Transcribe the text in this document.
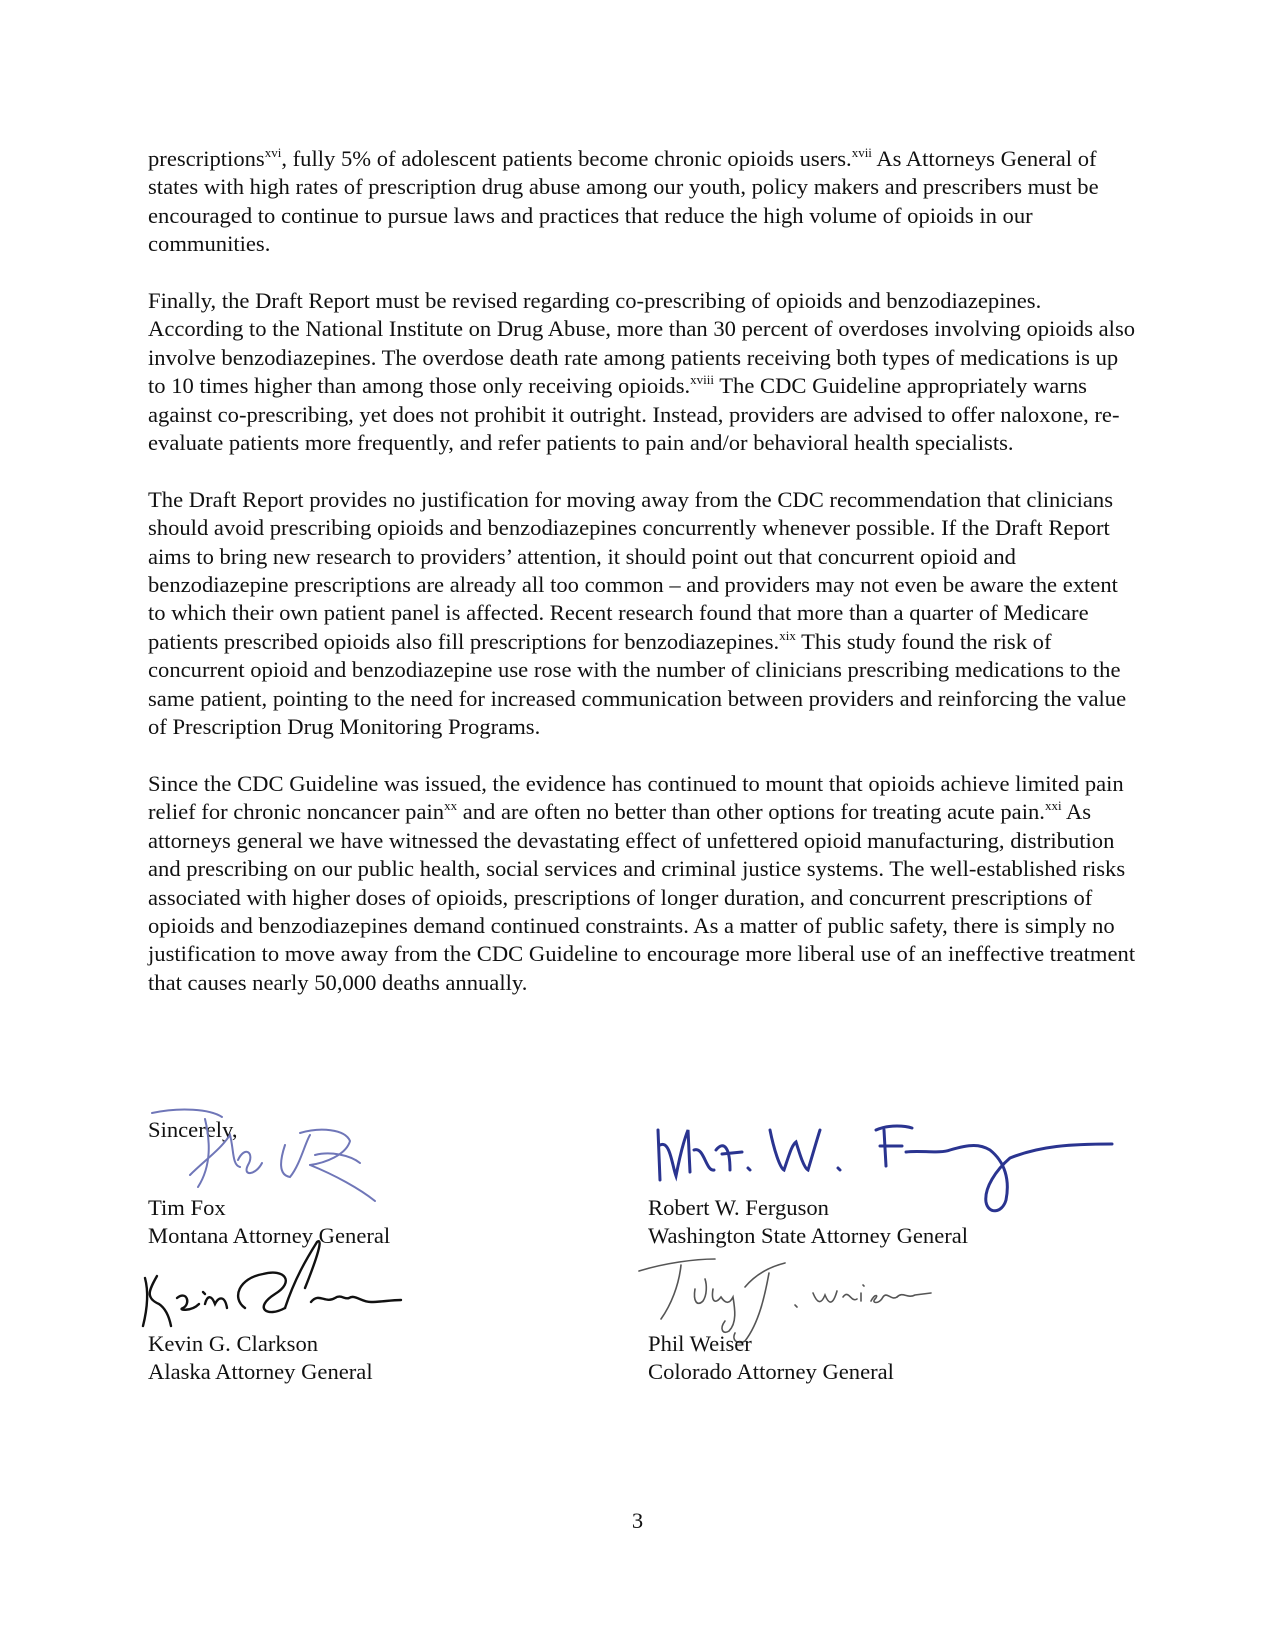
prescriptions$^{xvi}$, fully 5% of adolescent patients become chronic opioids users.$^{xvii}$ As Attorneys General of states with high rates of prescription drug abuse among our youth, policy makers and prescribers must be encouraged to continue to pursue laws and practices that reduce the high volume of opioids in our communities.

Finally, the Draft Report must be revised regarding co-prescribing of opioids and benzodiazepines. According to the National Institute on Drug Abuse, more than 30 percent of overdoses involving opioids also involve benzodiazepines. The overdose death rate among patients receiving both types of medications is up to 10 times higher than among those only receiving opioids.$^{xviii}$ The CDC Guideline appropriately warns against co-prescribing, yet does not prohibit it outright. Instead, providers are advised to offer naloxone, re-evaluate patients more frequently, and refer patients to pain and/or behavioral health specialists.

The Draft Report provides no justification for moving away from the CDC recommendation that clinicians should avoid prescribing opioids and benzodiazepines concurrently whenever possible. If the Draft Report aims to bring new research to providers’ attention, it should point out that concurrent opioid and benzodiazepine prescriptions are already all too common – and providers may not even be aware the extent to which their own patient panel is affected. Recent research found that more than a quarter of Medicare patients prescribed opioids also fill prescriptions for benzodiazepines.$^{xix}$ This study found the risk of concurrent opioid and benzodiazepine use rose with the number of clinicians prescribing medications to the same patient, pointing to the need for increased communication between providers and reinforcing the value of Prescription Drug Monitoring Programs.

Since the CDC Guideline was issued, the evidence has continued to mount that opioids achieve limited pain relief for chronic noncancer pain$^{xx}$ and are often no better than other options for treating acute pain.$^{xxi}$ As attorneys general we have witnessed the devastating effect of unfettered opioid manufacturing, distribution and prescribing on our public health, social services and criminal justice systems. The well-established risks associated with higher doses of opioids, prescriptions of longer duration, and concurrent prescriptions of opioids and benzodiazepines demand continued constraints. As a matter of public safety, there is simply no justification to move away from the CDC Guideline to encourage more liberal use of an ineffective treatment that causes nearly 50,000 deaths annually.

Sincerely,
Tim Fox
Montana Attorney General
Robert W. Ferguson
Washington State Attorney General
Kevin G. Clarkson
Alaska Attorney General
Phil Weiser
Colorado Attorney General
3
